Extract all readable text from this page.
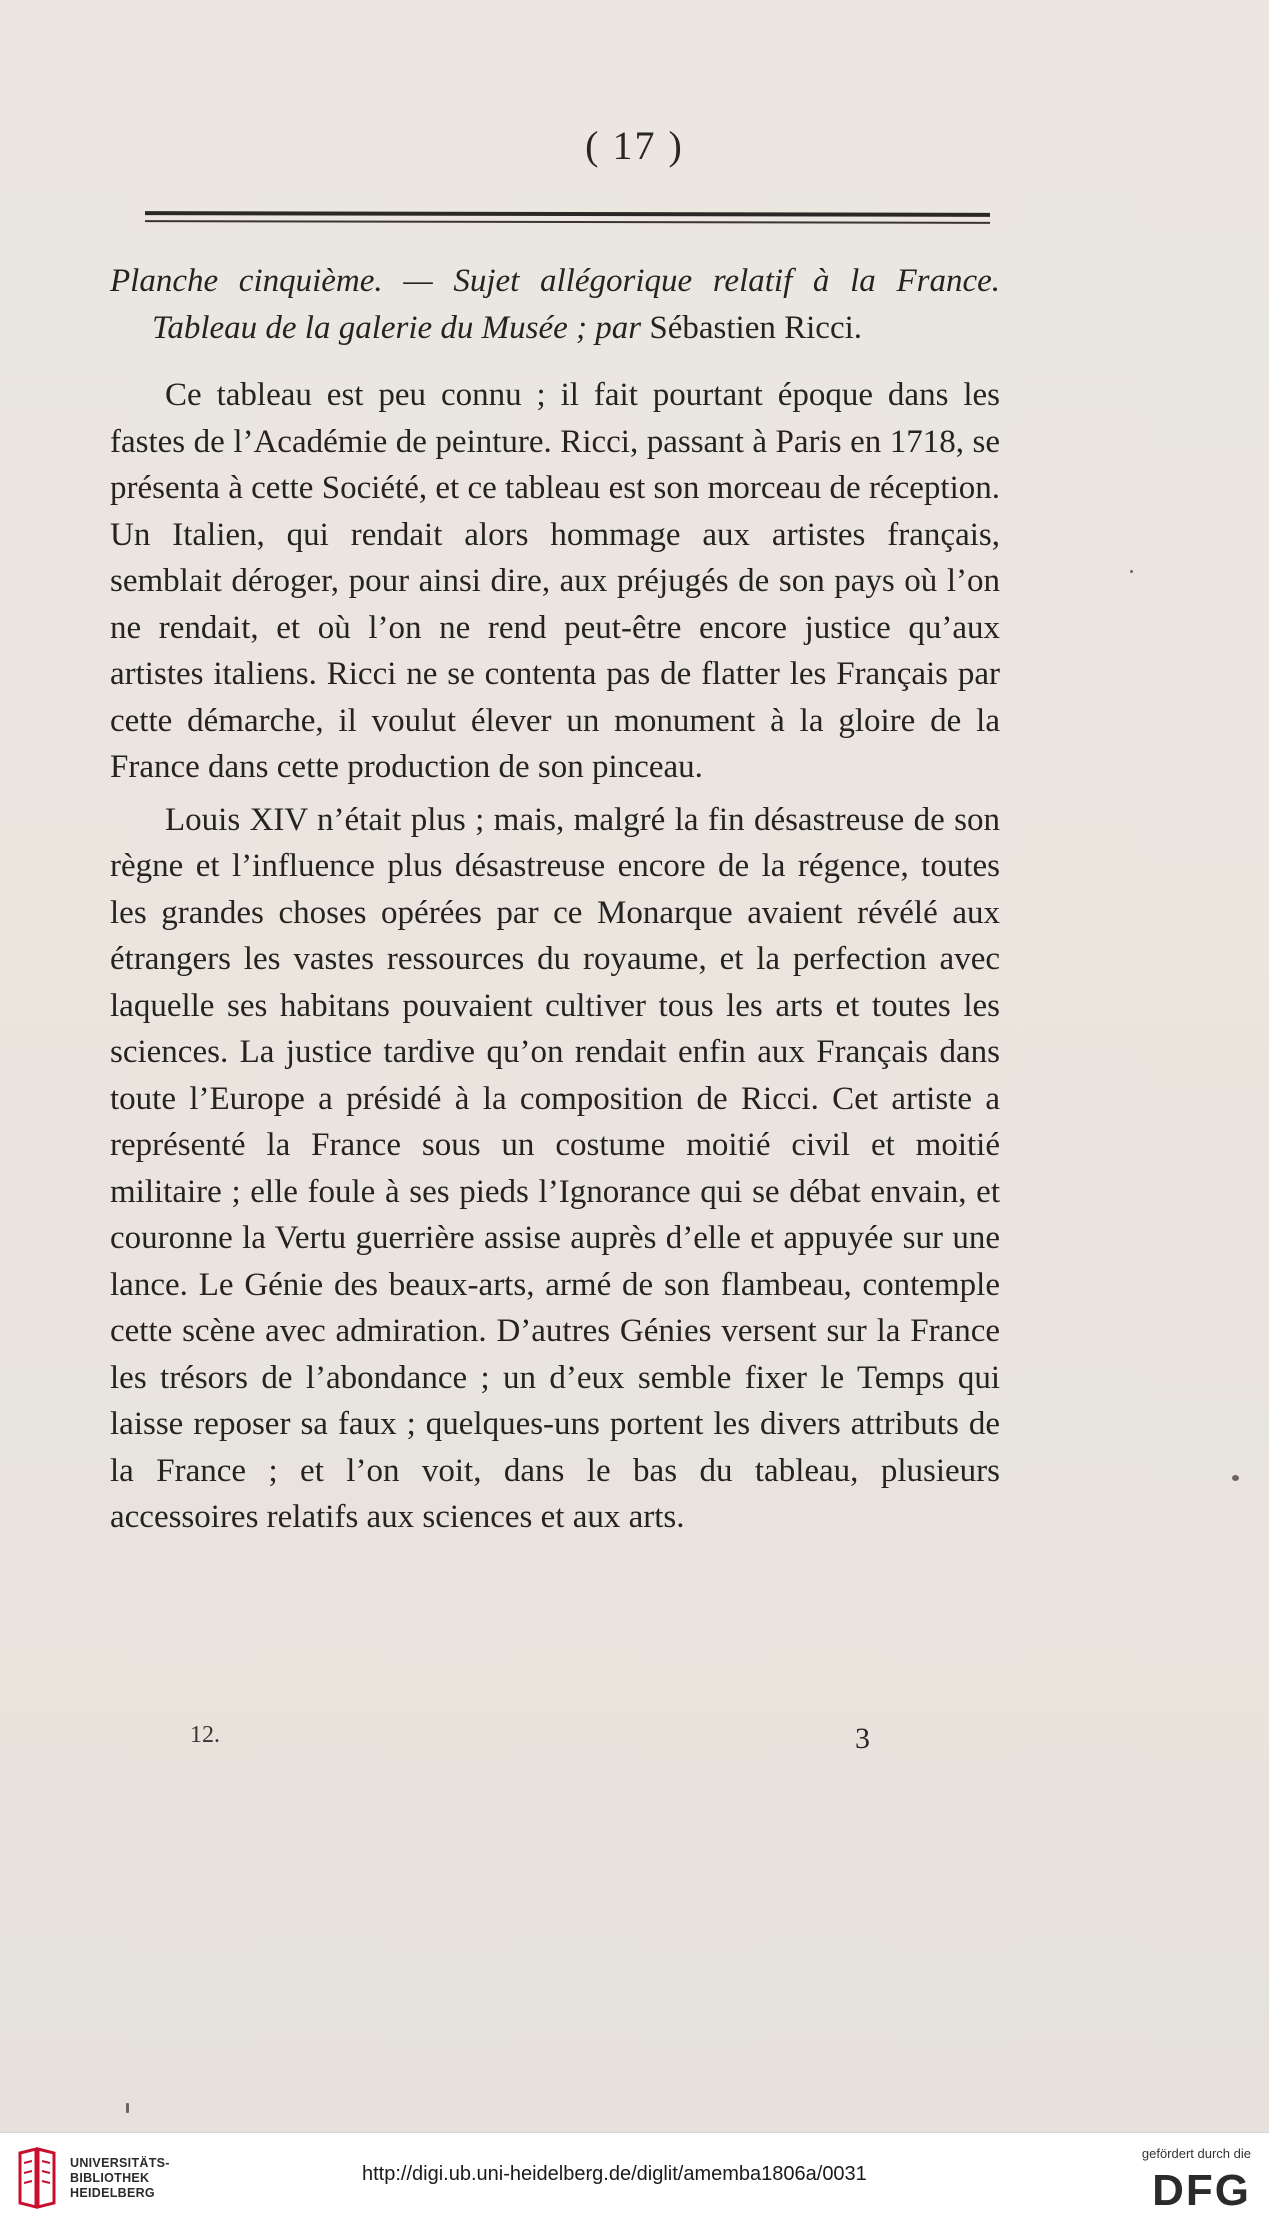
( 17 )

Planche cinquième. — Sujet allégorique relatif à la France. Tableau de la galerie du Musée ; par Sébastien Ricci.

Ce tableau est peu connu ; il fait pourtant époque dans les fastes de l’Académie de peinture. Ricci, passant à Paris en 1718, se présenta à cette Société, et ce tableau est son morceau de réception. Un Italien, qui rendait alors hommage aux artistes français, semblait déroger, pour ainsi dire, aux préjugés de son pays où l’on ne rendait, et où l’on ne rend peut-être encore justice qu’aux artistes italiens. Ricci ne se contenta pas de flatter les Français par cette démarche, il voulut élever un monument à la gloire de la France dans cette production de son pinceau.

Louis XIV n’était plus ; mais, malgré la fin désastreuse de son règne et l’influence plus désastreuse encore de la régence, toutes les grandes choses opérées par ce Monarque avaient révélé aux étrangers les vastes ressources du royaume, et la perfection avec laquelle ses habitans pouvaient cultiver tous les arts et toutes les sciences. La justice tardive qu’on rendait enfin aux Français dans toute l’Europe a présidé à la composition de Ricci. Cet artiste a représenté la France sous un costume moitié civil et moitié militaire ; elle foule à ses pieds l’Ignorance qui se débat envain, et couronne la Vertu guerrière assise auprès d’elle et appuyée sur une lance. Le Génie des beaux-arts, armé de son flambeau, contemple cette scène avec admiration. D’autres Génies versent sur la France les trésors de l’abondance ; un d’eux semble fixer le Temps qui laisse reposer sa faux ; quelques-uns portent les divers attributs de la France ; et l’on voit, dans le bas du tableau, plusieurs accessoires relatifs aux sciences et aux arts.

12.	3
UNIVERSITÄTS-
BIBLIOTHEK
HEIDELBERG
http://digi.ub.uni-heidelberg.de/diglit/amemba1806a/0031
gefördert durch die
DFG
